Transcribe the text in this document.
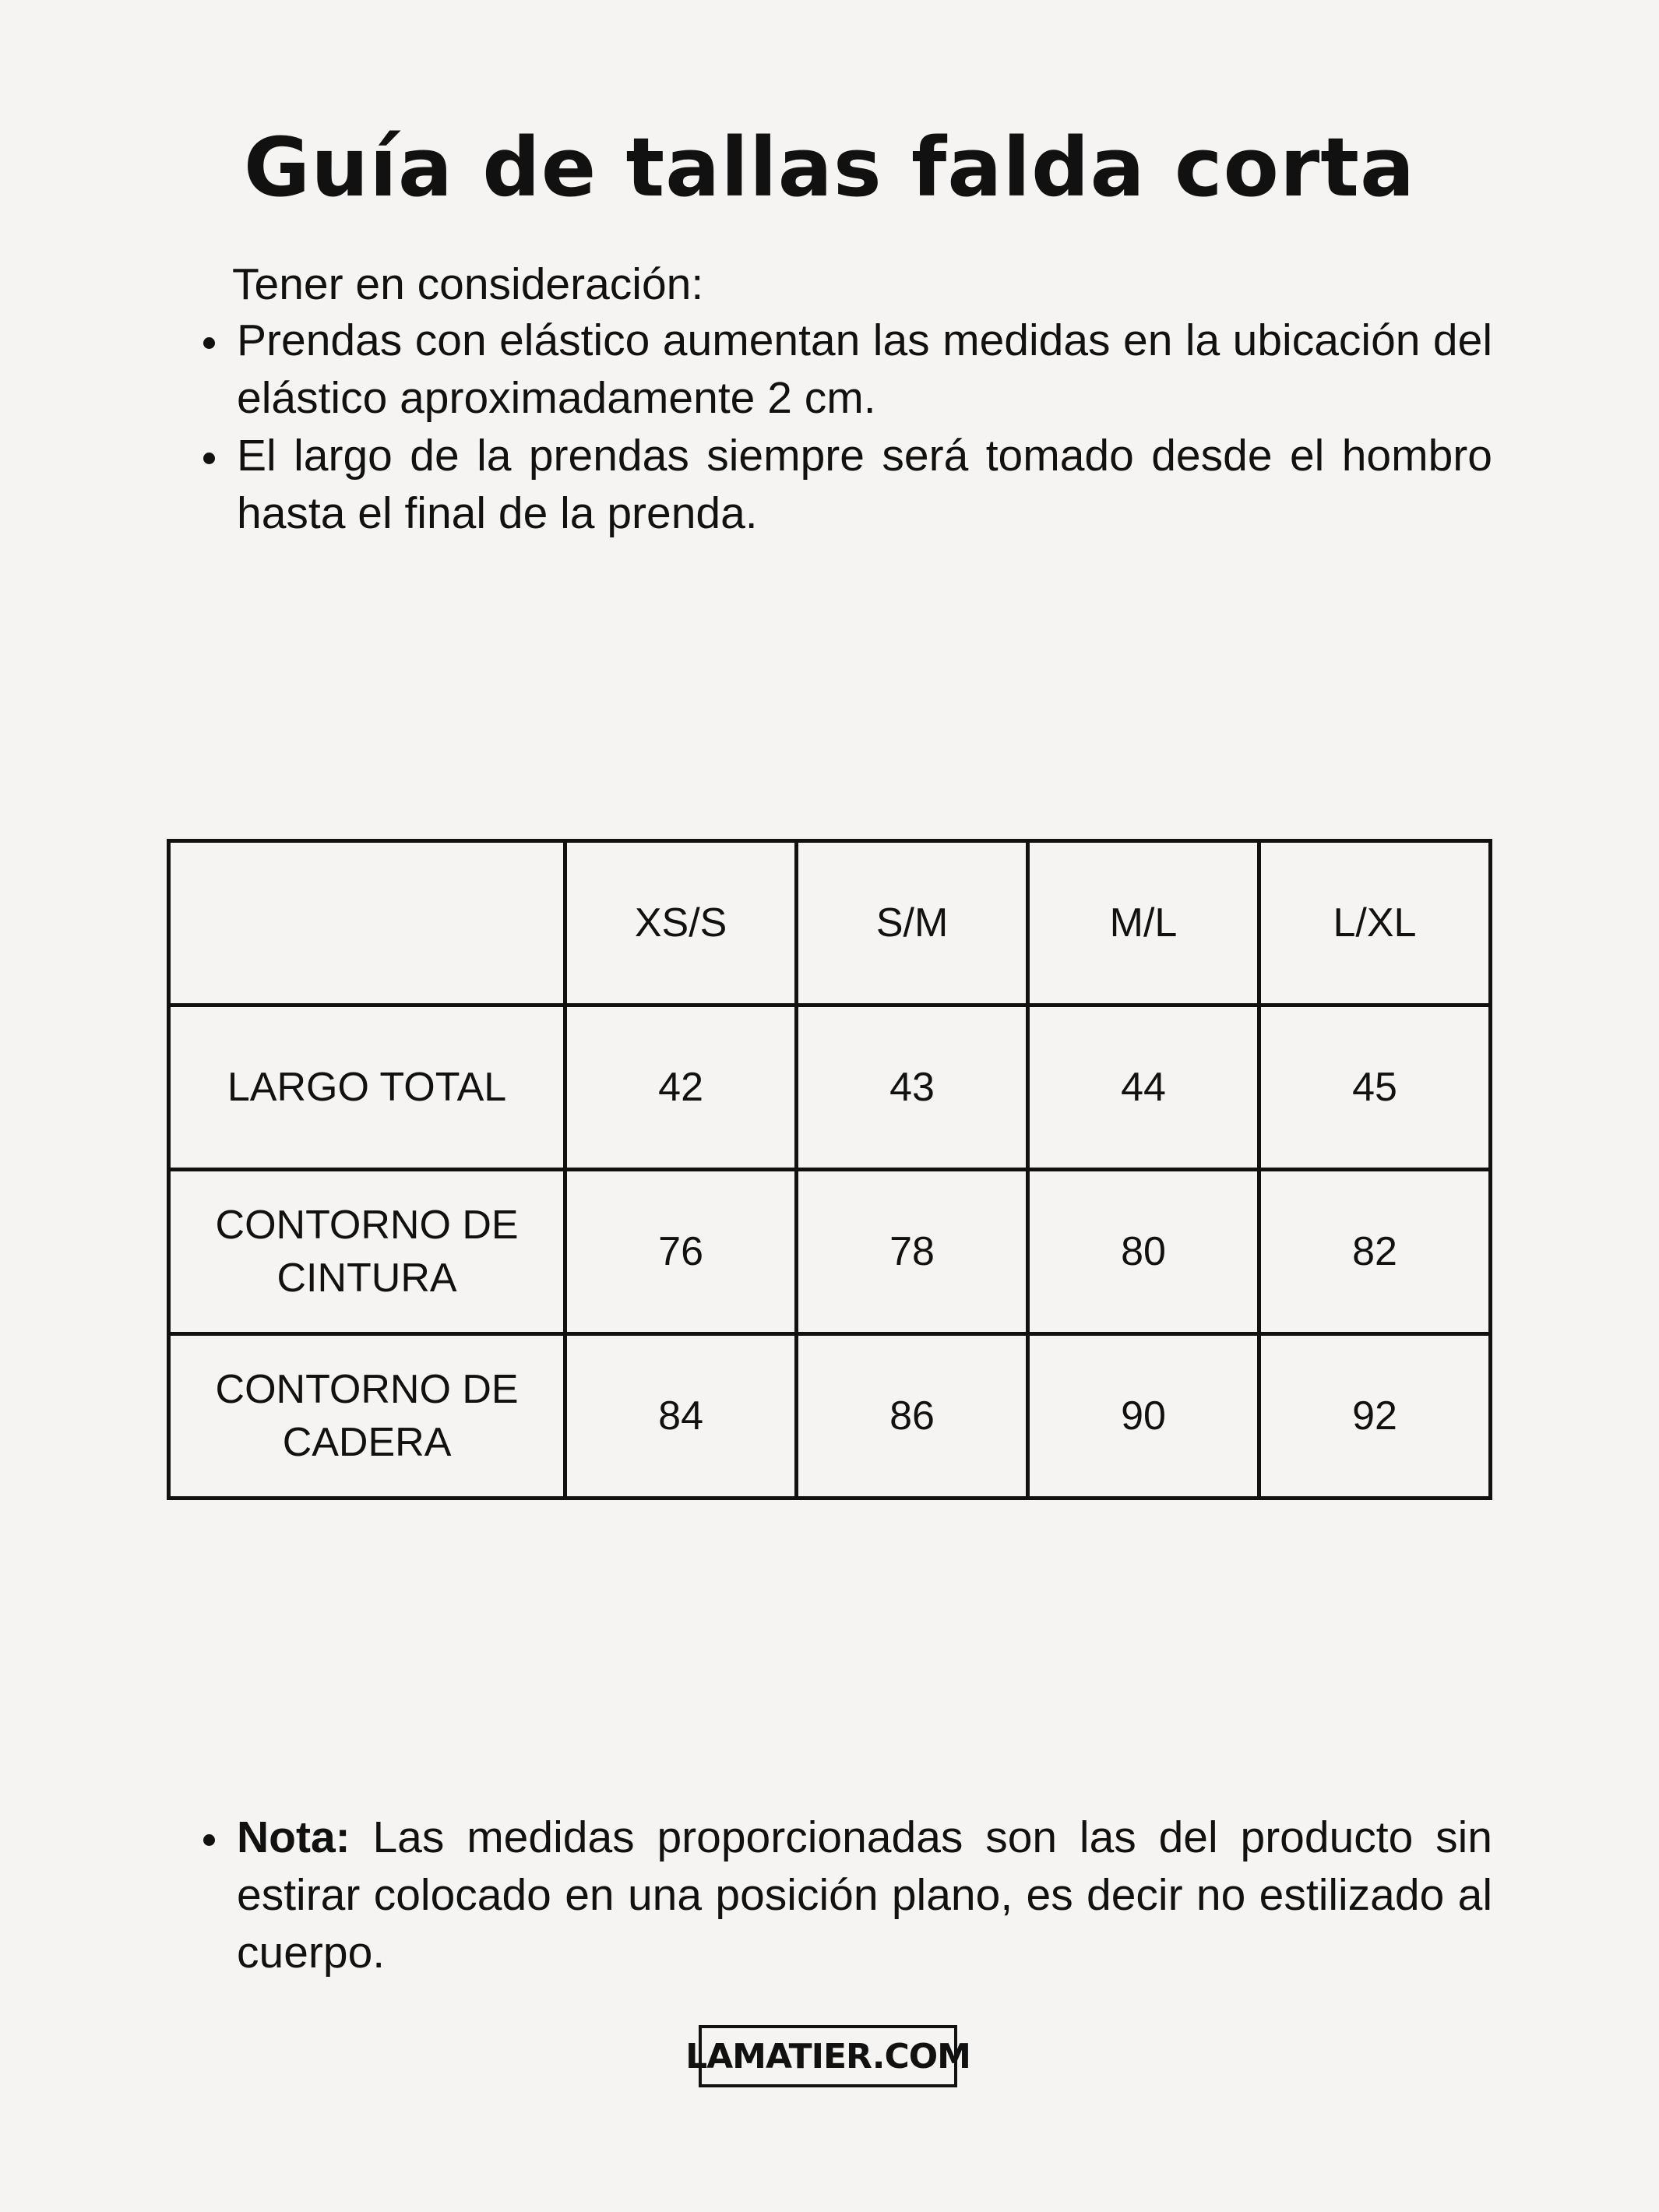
Guía de tallas falda corta

Tener en consideración:

Prendas con elástico aumentan las medidas en la ubicación del elástico aproximadamente 2 cm.
El largo de la prendas siempre será tomado desde el hombro hasta el final de la prenda.
	XS/S	S/M	M/L	L/XL
LARGO TOTAL	42	43	44	45
CONTORNO DE CINTURA	76	78	80	82
CONTORNO DE CADERA	84	86	90	92
Nota: Las medidas proporcionadas son las del producto sin estirar colocado en una posición plano, es decir no estilizado al cuerpo.
LAMATIER.COM
